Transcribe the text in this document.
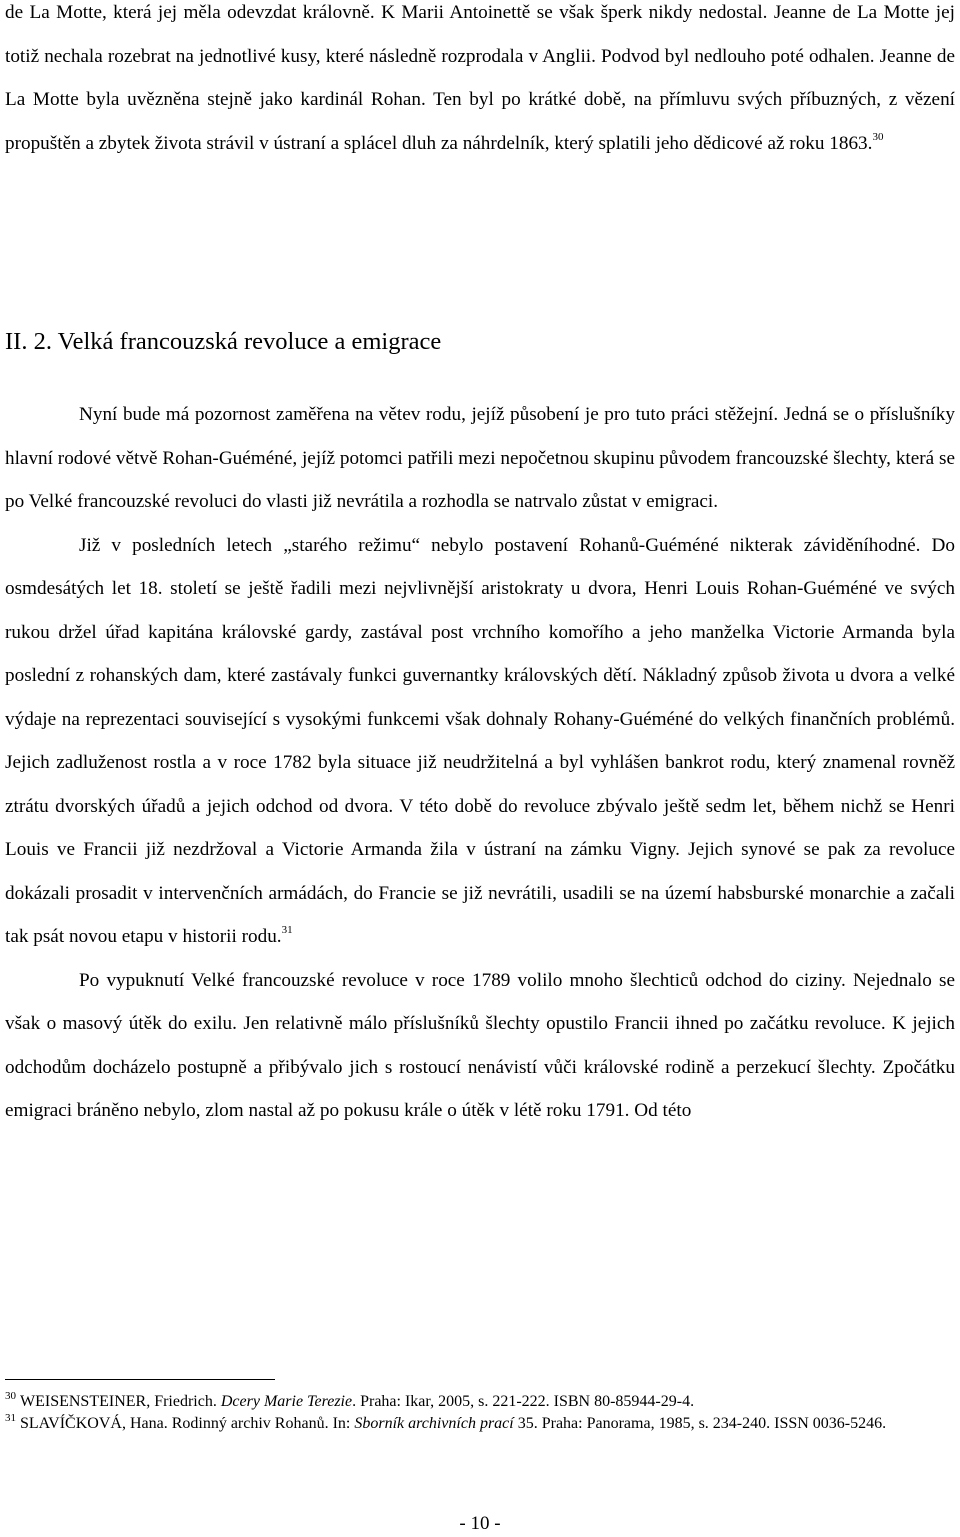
de La Motte, která jej měla odevzdat královně. K Marii Antoinettě se však šperk nikdy nedostal. Jeanne de La Motte jej totiž nechala rozebrat na jednotlivé kusy, které následně rozprodala v Anglii. Podvod byl nedlouho poté odhalen. Jeanne de La Motte byla uvězněna stejně jako kardinál Rohan. Ten byl po krátké době, na přímluvu svých příbuzných, z vězení propuštěn a zbytek života strávil v ústraní a splácel dluh za náhrdelník, který splatili jeho dědicové až roku 1863.30

II. 2. Velká francouzská revoluce a emigrace

Nyní bude má pozornost zaměřena na větev rodu, jejíž působení je pro tuto práci stěžejní. Jedná se o příslušníky hlavní rodové větvě Rohan-Guéméné, jejíž potomci patřili mezi nepočetnou skupinu původem francouzské šlechty, která se po Velké francouzské revoluci do vlasti již nevrátila a rozhodla se natrvalo zůstat v emigraci.

Již v posledních letech „starého režimu“ nebylo postavení Rohanů-Guéméné nikterak záviděníhodné. Do osmdesátých let 18. století se ještě řadili mezi nejvlivnější aristokraty u dvora, Henri Louis Rohan-Guéméné ve svých rukou držel úřad kapitána královské gardy, zastával post vrchního komořího a jeho manželka Victorie Armanda byla poslední z rohanských dam, které zastávaly funkci guvernantky královských dětí. Nákladný způsob života u dvora a velké výdaje na reprezentaci související s vysokými funkcemi však dohnaly Rohany-Guéméné do velkých finančních problémů. Jejich zadluženost rostla a v roce 1782 byla situace již neudržitelná a byl vyhlášen bankrot rodu, který znamenal rovněž ztrátu dvorských úřadů a jejich odchod od dvora. V této době do revoluce zbývalo ještě sedm let, během nichž se Henri Louis ve Francii již nezdržoval a Victorie Armanda žila v ústraní na zámku Vigny. Jejich synové se pak za revoluce dokázali prosadit v intervenčních armádách, do Francie se již nevrátili, usadili se na území habsburské monarchie a začali tak psát novou etapu v historii rodu.$^{31}$

Po vypuknutí Velké francouzské revoluce v roce 1789 volilo mnoho šlechticů odchod do ciziny. Nejednalo se však o masový útěk do exilu. Jen relativně málo příslušníků šlechty opustilo Francii ihned po začátku revoluce. K jejich odchodům docházelo postupně a přibývalo jich s rostoucí nenávistí vůči královské rodině a perzekucí šlechty. Zpočátku emigraci bráněno nebylo, zlom nastal až po pokusu krále o útěk v létě roku 1791. Od této

$^{30}$ WEISENSTEINER, Friedrich. Dcery Marie Terezie. Praha: Ikar, 2005, s. 221-222. ISBN 80-85944-29-4.

$^{31}$ SLAVÍČKOVÁ, Hana. Rodinný archiv Rohanů. In: Sborník archivních prací 35. Praha: Panorama, 1985, s. 234-240. ISSN 0036-5246.

- 10 -
